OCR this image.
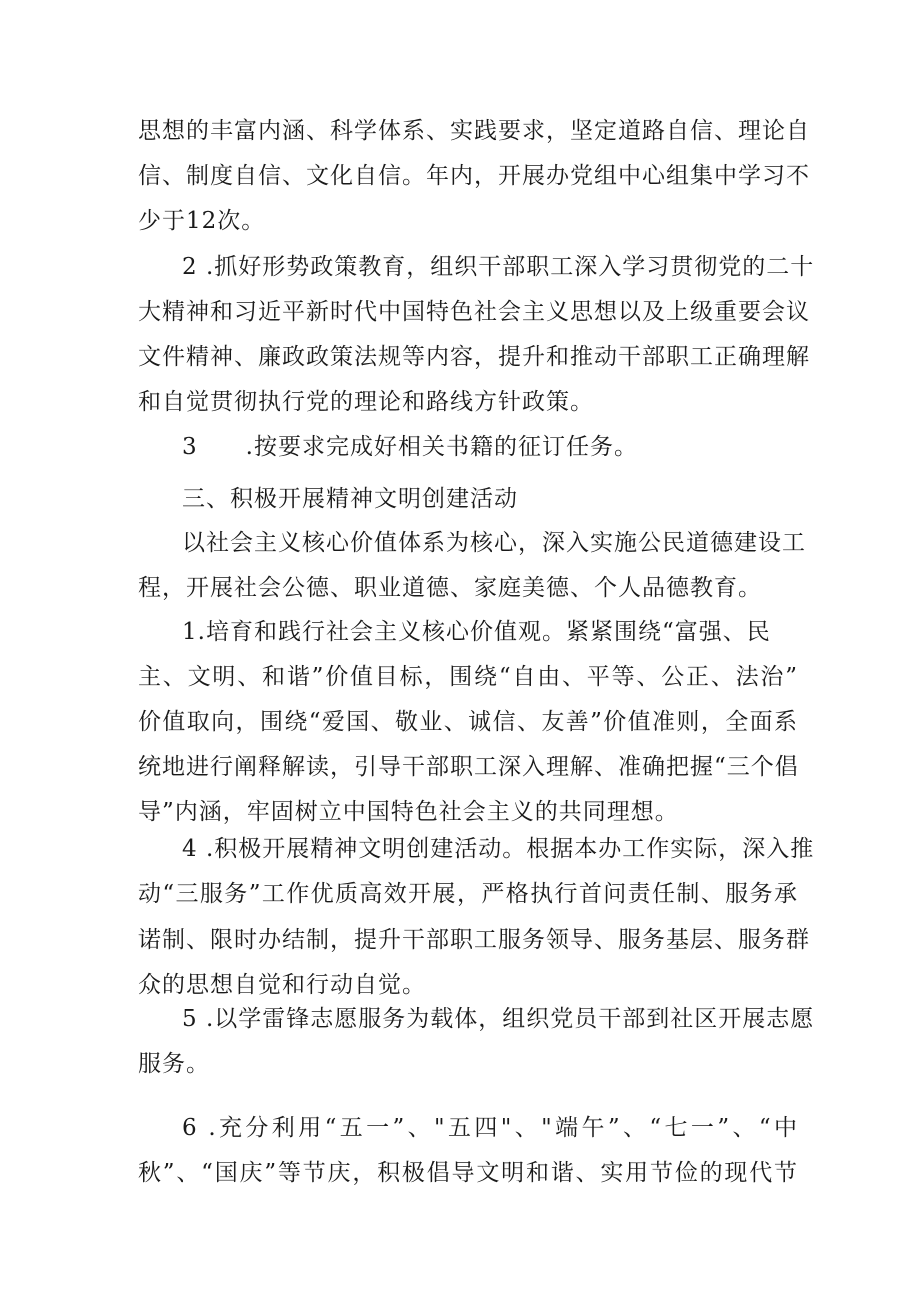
思想的丰富内涵、科学体系、实践要求，坚定道路自信、理论自
信、制度自信、文化自信。年内，开展办党组中心组集中学习不
少于12次。
2 .抓好形势政策教育，组织干部职工深入学习贯彻党的二十
大精神和习近平新时代中国特色社会主义思想以及上级重要会议
文件精神、廉政政策法规等内容，提升和推动干部职工正确理解
和自觉贯彻执行党的理论和路线方针政策。
3　　.按要求完成好相关书籍的征订任务。
三、积极开展精神文明创建活动
以社会主义核心价值体系为核心，深入实施公民道德建设工
程，开展社会公德、职业道德、家庭美德、个人品德教育。
1.培育和践行社会主义核心价值观。紧紧围绕“富强、民
主、文明、和谐”价值目标，围绕“自由、平等、公正、法治”
价值取向，围绕“爱国、敬业、诚信、友善”价值准则，全面系
统地进行阐释解读，引导干部职工深入理解、准确把握“三个倡
导”内涵，牢固树立中国特色社会主义的共同理想。
4 .积极开展精神文明创建活动。根据本办工作实际，深入推
动“三服务”工作优质高效开展，严格执行首问责任制、服务承
诺制、限时办结制，提升干部职工服务领导、服务基层、服务群
众的思想自觉和行动自觉。
5 .以学雷锋志愿服务为载体，组织党员干部到社区开展志愿
服务。
6 .充分利用“五一”、"五四"、"端午”、“七一”、“中
秋”、“国庆”等节庆，积极倡导文明和谐、实用节俭的现代节
